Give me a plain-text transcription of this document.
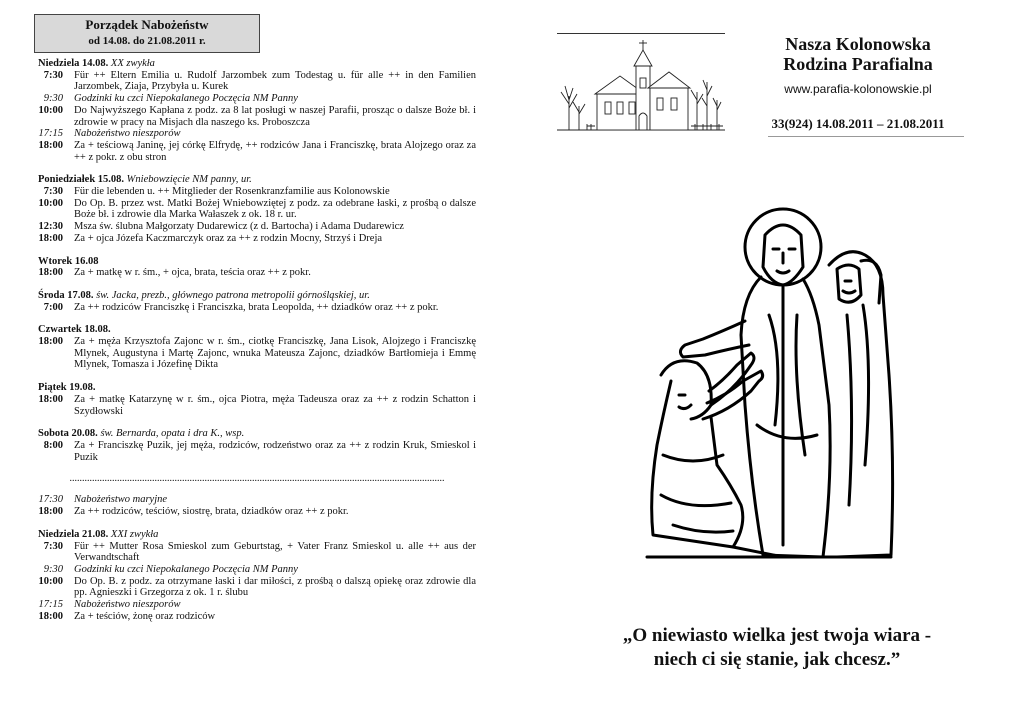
Porządek Nabożeństw
od 14.08. do 21.08.2011 r.
Niedziela 14.08. XX zwykła
7:30	Für ++ Eltern Emilia u. Rudolf Jarzombek zum Todestag u. für alle ++ in den Familien Jarzombek, Ziaja, Przybyła u. Kurek
9:30	Godzinki ku czci Niepokalanego Poczęcia NM Panny
10:00	Do Najwyższego Kapłana z podz. za 8 lat posługi w naszej Parafii, prosząc o dalsze Boże bł. i zdrowie w pracy na Misjach dla naszego ks. Proboszcza
17:15	Nabożeństwo nieszporów
18:00	Za + teściową Janinę, jej córkę Elfrydę, ++ rodziców Jana i Franciszkę, brata Alojzego oraz za ++ z pokr. z obu stron
Poniedziałek 15.08. Wniebowzięcie NM panny, ur.
7:30	Für die lebenden u. ++ Mitglieder der Rosenkranzfamilie aus Kolonowskie
10:00	Do Op. B. przez wst. Matki Bożej Wniebowziętej z podz. za odebrane łaski, z prośbą o dalsze Boże bł. i zdrowie dla Marka Wałaszek z ok. 18 r. ur.
12:30	Msza św. ślubna Małgorzaty Dudarewicz (z d. Bartocha) i Adama Dudarewicz
18:00	Za + ojca Józefa Kaczmarczyk oraz za ++ z rodzin Mocny, Strzyś i Dreja
Wtorek 16.08
18:00	Za + matkę w r. śm., + ojca, brata, teścia oraz ++ z pokr.
Środa 17.08. św. Jacka, prezb., głównego patrona metropolii górnośląskiej, ur.
7:00	Za ++ rodziców Franciszkę i Franciszka, brata Leopolda, ++ dziadków oraz ++ z pokr.
Czwartek 18.08.
18:00	Za + męża Krzysztofa Zajonc w r. śm., ciotkę Franciszkę, Jana Lisok, Alojzego i Franciszkę Mlynek, Augustyna i Martę Zajonc, wnuka Mateusza Zajonc, dziadków Bartłomieja i Emmę Mlynek, Tomasza i Józefinę Dikta
Piątek 19.08.
18:00	Za + matkę Katarzynę w r. śm., ojca Piotra, męża Tadeusza oraz za ++ z rodzin Schatton i Szydłowski
Sobota 20.08. św. Bernarda, opata i dra K., wsp.
8:00	Za + Franciszkę Puzik, jej męża, rodziców, rodzeństwo oraz za ++ z rodzin Kruk, Smieskol i Puzik
......................................................................................................................................................
17:30	Nabożeństwo maryjne
18:00	Za ++ rodziców, teściów, siostrę, brata, dziadków oraz ++ z pokr.
Niedziela 21.08. XXI zwykła
7:30	Für ++ Mutter Rosa Smieskol zum Geburtstag, + Vater Franz Smieskol u. alle ++ aus der Verwandtschaft
9:30	Godzinki ku czci Niepokalanego Poczęcia NM Panny
10:00	Do Op. B. z podz. za otrzymane łaski i dar miłości, z prośbą o dalszą opiekę oraz zdrowie dla pp. Agnieszki i Grzegorza z ok. 1 r. ślubu
17:15	Nabożeństwo nieszporów
18:00	Za + teściów, żonę oraz rodziców
Nasza Kolonowska
Rodzina Parafialna
www.parafia-kolonowskie.pl
33(924) 14.08.2011 – 21.08.2011
„O niewiasto wielka jest twoja wiara -
niech ci się stanie, jak chcesz.”
